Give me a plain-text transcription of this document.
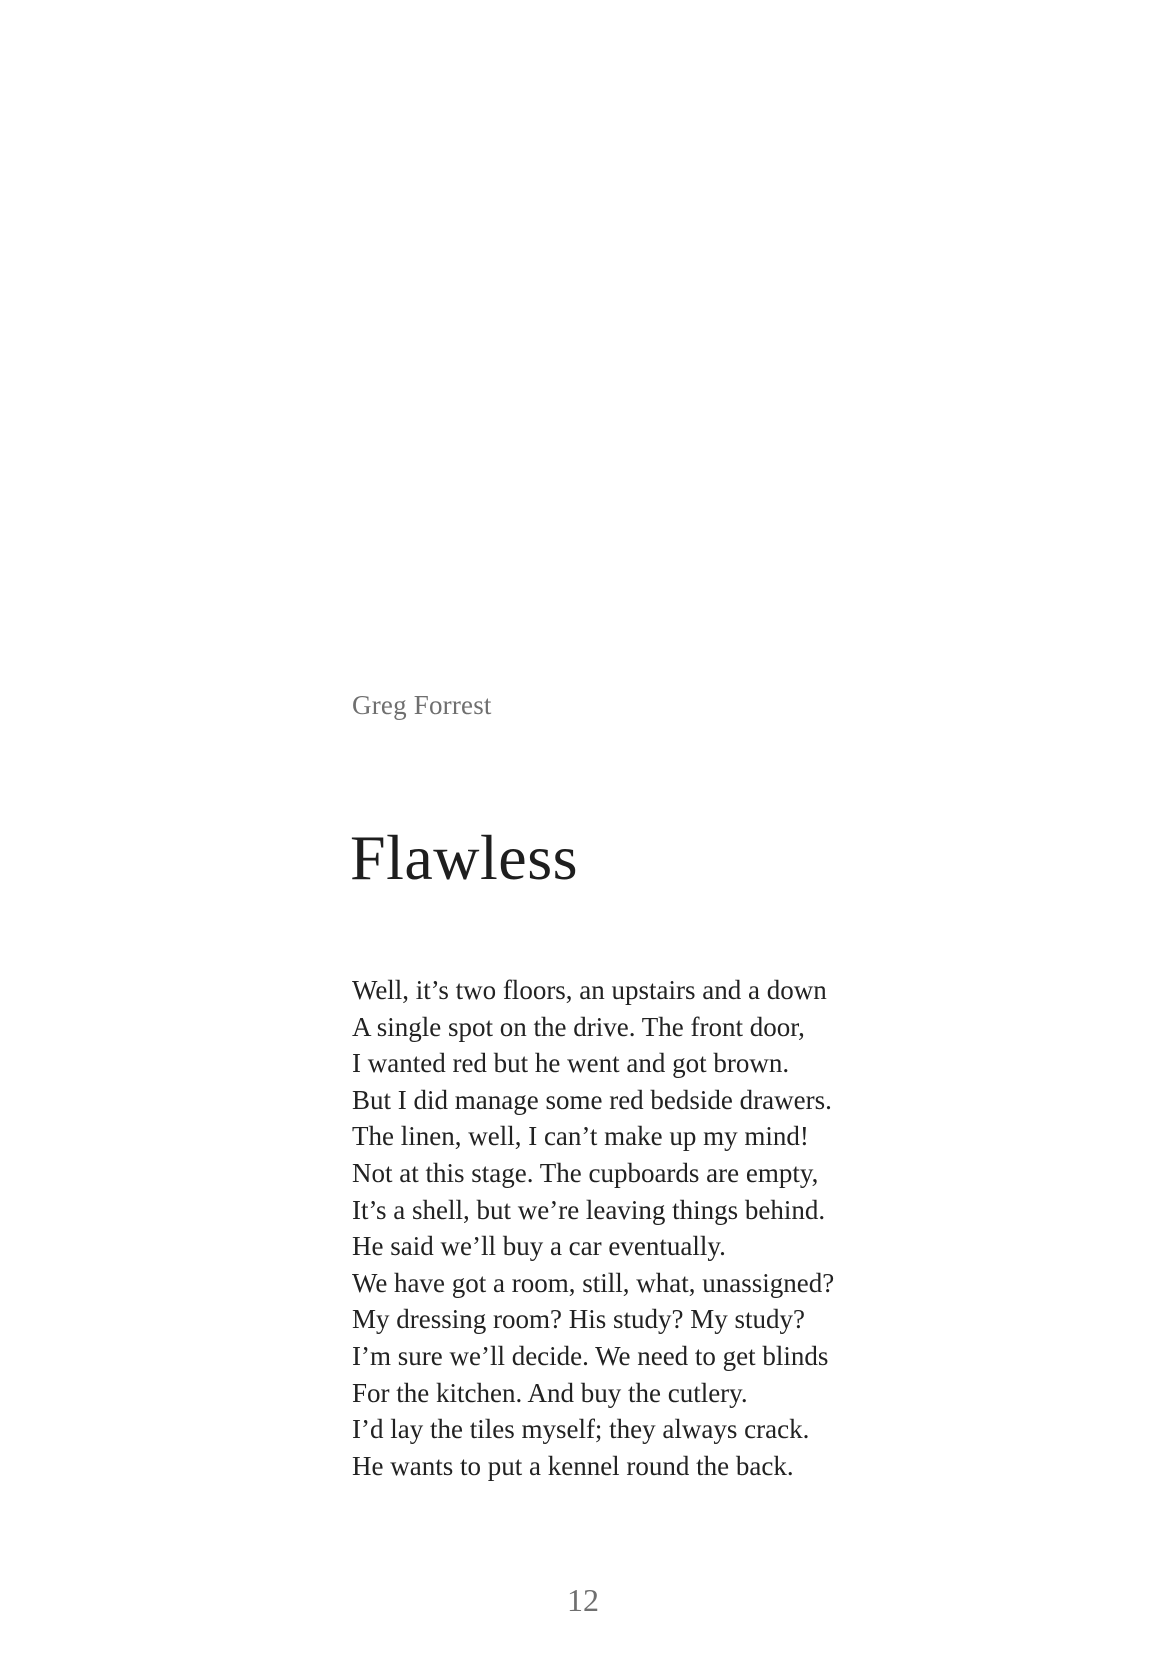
Greg Forrest
Flawless
Well, it’s two floors, an upstairs and a down
A single spot on the drive. The front door,
I wanted red but he went and got brown.
But I did manage some red bedside drawers.
The linen, well, I can’t make up my mind!
Not at this stage. The cupboards are empty,
It’s a shell, but we’re leaving things behind.
He said we’ll buy a car eventually.
We have got a room, still, what, unassigned?
My dressing room? His study? My study?
I’m sure we’ll decide. We need to get blinds
For the kitchen. And buy the cutlery.
I’d lay the tiles myself; they always crack.
He wants to put a kennel round the back.
12
